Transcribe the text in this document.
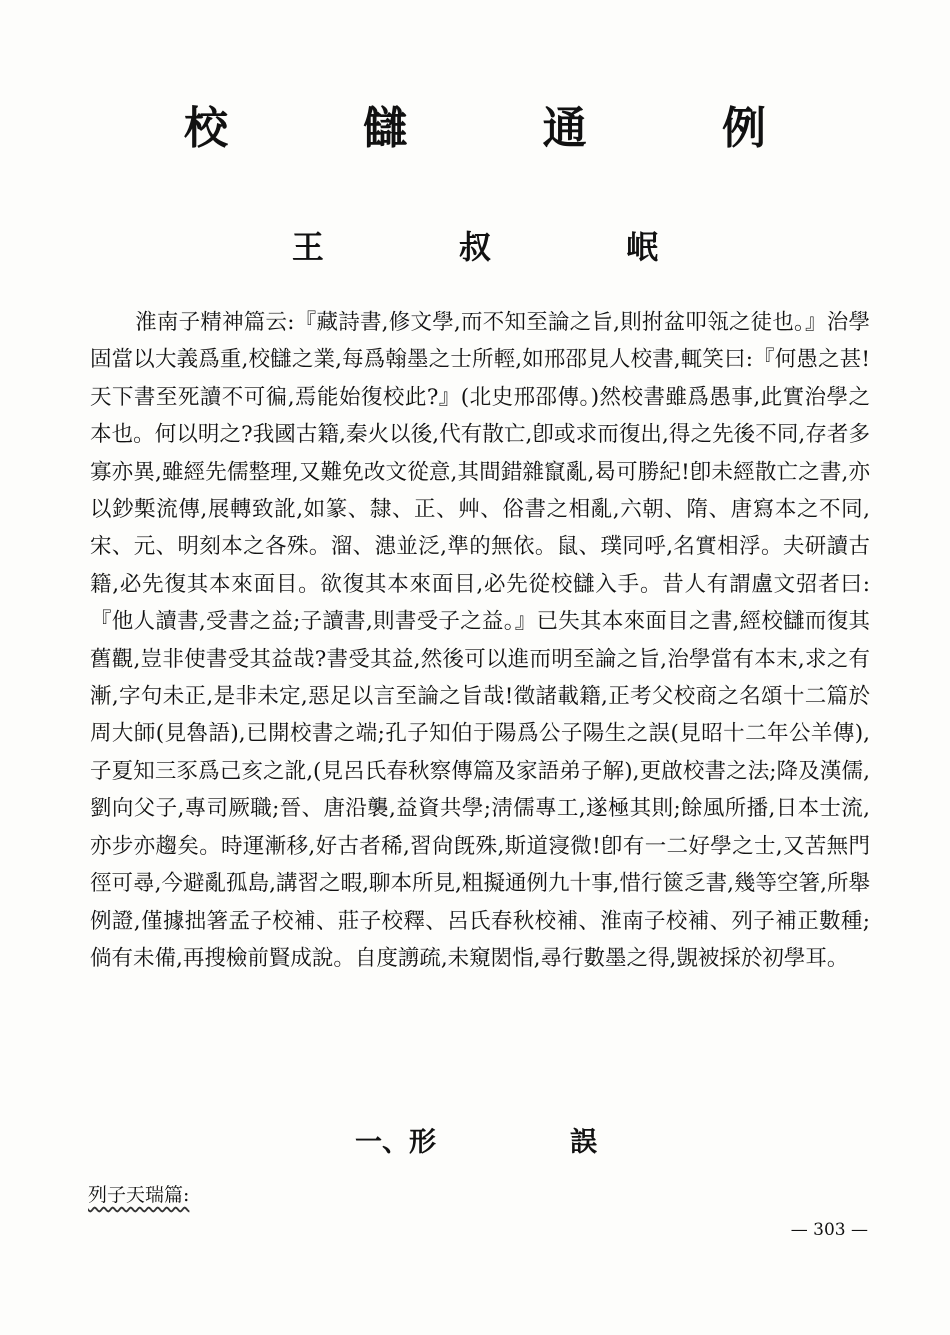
校 讎 通 例
王 叔 岷
淮南子精神篇云:『藏詩書,修文學,而不知至論之旨,則拊盆叩瓴之徒也。』治學固當以大義爲重,校讎之業,每爲翰墨之士所輕,如邢邵見人校書,輒笑曰:『何愚之甚!天下書至死讀不可徧,焉能始復校此?』(北史邢邵傳。)然校書雖爲愚事,此實治學之本也。何以明之?我國古籍,秦火以後,代有散亡,卽或求而復出,得之先後不同,存者多寡亦異,雖經先儒整理,又難免改文從意,其間錯雜竄亂,曷可勝紀!卽未經散亡之書,亦以鈔槧流傳,展轉致訛,如篆、隸、正、艸、俗書之相亂,六朝、隋、唐寫本之不同,宋、元、明刻本之各殊。溜、漶並泛,準的無依。鼠、璞同呼,名實相浮。夫研讀古籍,必先復其本來面目。欲復其本來面目,必先從校讎入手。昔人有謂盧文弨者曰:『他人讀書,受書之益;子讀書,則書受子之益。』已失其本來面目之書,經校讎而復其舊觀,豈非使書受其益哉?書受其益,然後可以進而明至論之旨,治學當有本末,求之有漸,字句未正,是非未定,惡足以言至論之旨哉!徵諸載籍,正考父校商之名頌十二篇於周大師(見魯語),已開校書之端;孔子知伯于陽爲公子陽生之誤(見昭十二年公羊傳),子夏知三豕爲己亥之訛,(見呂氏春秋察傳篇及家語弟子解),更啟校書之法;降及漢儒,劉向父子,專司厥職;晉、唐沿襲,益資共學;淸儒專工,遂極其則;餘風所播,日本士流,亦步亦趨矣。時運漸移,好古者稀,習尙旣殊,斯道寖微!卽有一二好學之士,又苦無門徑可尋,今避亂孤島,講習之暇,聊本所見,粗擬通例九十事,惜行篋乏書,幾等空箸,所舉例證,僅據拙箸孟子校補、莊子校釋、呂氏春秋校補、淮南子校補、列子補正數種;倘有未備,再搜檢前賢成說。自度謭疏,未窺閎恉,尋行數墨之得,覬被採於初學耳。
一、形	誤
列子天瑞篇:
— 303 —
